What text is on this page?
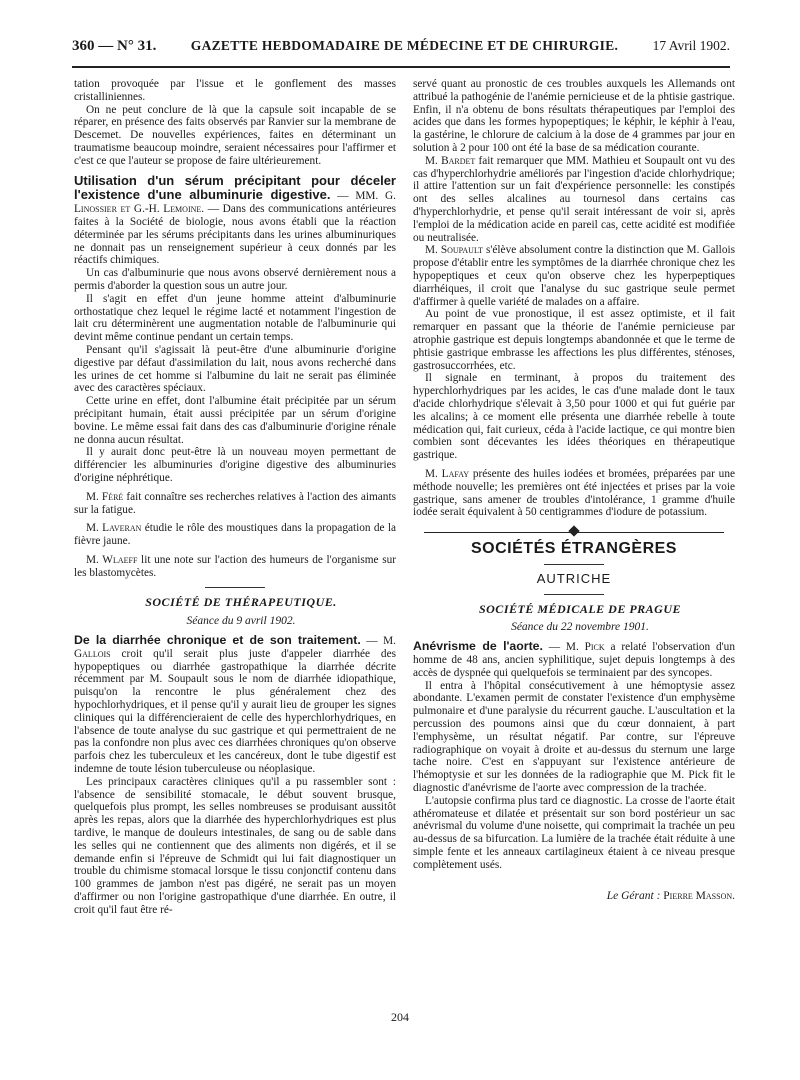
360 — N° 31.	GAZETTE HEBDOMADAIRE DE MÉDECINE ET DE CHIRURGIE.	17 Avril 1902.

tation provoquée par l'issue et le gonflement des masses cristalliniennes.

On ne peut conclure de là que la capsule soit incapable de se réparer, en présence des faits observés par Ranvier sur la membrane de Descemet. De nouvelles expériences, faites en déterminant un traumatisme beaucoup moindre, seraient nécessaires pour l'affirmer et c'est ce que l'auteur se propose de faire ultérieurement.

Utilisation d'un sérum précipitant pour déceler l'existence d'une albuminurie digestive. — MM. G. Linossier et G.-H. Lemoine. — Dans des communications antérieures faites à la Société de biologie, nous avons établi que la réaction déterminée par les sérums précipitants dans les urines albuminuriques ne donnait pas un renseignement supérieur à ceux donnés par les réactifs chimiques.

Un cas d'albuminurie que nous avons observé dernièrement nous a permis d'aborder la question sous un autre jour.

Il s'agit en effet d'un jeune homme atteint d'albuminurie orthostatique chez lequel le régime lacté et notamment l'ingestion de lait cru déterminèrent une augmentation notable de l'albuminurie qui devint même continue pendant un certain temps.

Pensant qu'il s'agissait là peut-être d'une albuminurie d'origine digestive par défaut d'assimilation du lait, nous avons recherché dans les urines de cet homme si l'albumine du lait ne serait pas éliminée avec des caractères spéciaux.

Cette urine en effet, dont l'albumine était précipitée par un sérum précipitant humain, était aussi précipitée par un sérum d'origine bovine. Le même essai fait dans des cas d'albuminurie d'origine rénale ne donna aucun résultat.

Il y aurait donc peut-être là un nouveau moyen permettant de différencier les albuminuries d'origine digestive des albuminuries d'origine néphrétique.

M. Féré fait connaître ses recherches relatives à l'action des aimants sur la fatigue.

M. Laveran étudie le rôle des moustiques dans la propagation de la fièvre jaune.

M. Wlaeff lit une note sur l'action des humeurs de l'organisme sur les blastomycètes.

SOCIÉTÉ DE THÉRAPEUTIQUE.

Séance du 9 avril 1902.

De la diarrhée chronique et de son traitement. — M. Gallois croit qu'il serait plus juste d'appeler diarrhée des hypopeptiques ou diarrhée gastropathique la diarrhée décrite récemment par M. Soupault sous le nom de diarrhée idiopathique, puisqu'on la rencontre le plus généralement chez des hypochlorhydriques, et il pense qu'il y aurait lieu de grouper les signes cliniques qui la différencieraient de celle des hyperchlorhydriques, en l'absence de toute analyse du suc gastrique et qui permettraient de ne pas la confondre non plus avec ces diarrhées chroniques qu'on observe parfois chez les tuberculeux et les cancéreux, dont le tube digestif est indemne de toute lésion tuberculeuse ou néoplasique.

Les principaux caractères cliniques qu'il a pu rassembler sont : l'absence de sensibilité stomacale, le début souvent brusque, quelquefois plus prompt, les selles nombreuses se produisant aussitôt après les repas, alors que la diarrhée des hyperchlorhydriques est plus tardive, le manque de douleurs intestinales, de sang ou de sable dans les selles qui ne contiennent que des aliments non digérés, et il se demande enfin si l'épreuve de Schmidt qui lui fait diagnostiquer un trouble du chimisme stomacal lorsque le tissu conjonctif contenu dans 100 grammes de jambon n'est pas digéré, ne serait pas un moyen d'affirmer ou non l'origine gastropathique d'une diarrhée. En outre, il croit qu'il faut être ré-

servé quant au pronostic de ces troubles auxquels les Allemands ont attribué la pathogénie de l'anémie pernicieuse et de la phtisie gastrique. Enfin, il n'a obtenu de bons résultats thérapeutiques par l'emploi des acides que dans les formes hypopeptiques; le képhir, le képhir à l'eau, la gastérine, le chlorure de calcium à la dose de 4 grammes par jour en solution à 2 pour 100 ont été la base de sa médication courante.

M. Bardet fait remarquer que MM. Mathieu et Soupault ont vu des cas d'hyperchlorhydrie améliorés par l'ingestion d'acide chlorhydrique; il attire l'attention sur un fait d'expérience personnelle: les constipés ont des selles alcalines au tournesol dans certains cas d'hyperchlorhydrie, et pense qu'il serait intéressant de voir si, après l'emploi de la médication acide en pareil cas, cette acidité est modifiée ou neutralisée.

M. Soupault s'élève absolument contre la distinction que M. Gallois propose d'établir entre les symptômes de la diarrhée chronique chez les hypopeptiques et ceux qu'on observe chez les hyperpeptiques diarrhéiques, il croit que l'analyse du suc gastrique seule permet d'affirmer à quelle variété de malades on a affaire.

Au point de vue pronostique, il est assez optimiste, et il fait remarquer en passant que la théorie de l'anémie pernicieuse par atrophie gastrique est depuis longtemps abandonnée et que le terme de phtisie gastrique embrasse les affections les plus différentes, sténoses, gastrosuccorrhées, etc.

Il signale en terminant, à propos du traitement des hyperchlorhydriques par les acides, le cas d'une malade dont le taux d'acide chlorhydrique s'élevait à 3,50 pour 1000 et qui fut guérie par les alcalins; à ce moment elle présenta une diarrhée rebelle à toute médication qui, fait curieux, céda à l'acide lactique, ce qui montre bien combien sont décevantes les idées théoriques en thérapeutique gastrique.

M. Lafay présente des huiles iodées et bromées, préparées par une méthode nouvelle; les premières ont été injectées et prises par la voie gastrique, sans amener de troubles d'intolérance, 1 gramme d'huile iodée serait équivalent à 50 centigrammes d'iodure de potassium.

SOCIÉTÉS ÉTRANGÈRES
AUTRICHE

SOCIÉTÉ MÉDICALE DE PRAGUE

Séance du 22 novembre 1901.

Anévrisme de l'aorte. — M. Pick a relaté l'observation d'un homme de 48 ans, ancien syphilitique, sujet depuis longtemps à des accès de dyspnée qui quelquefois se terminaient par des syncopes.

Il entra à l'hôpital consécutivement à une hémoptysie assez abondante. L'examen permit de constater l'existence d'un emphysème pulmonaire et d'une paralysie du récurrent gauche. L'auscultation et la percussion des poumons ainsi que du cœur donnaient, à part l'emphysème, un résultat négatif. Par contre, sur l'épreuve radiographique on voyait à droite et au-dessus du sternum une large tache noire. C'est en s'appuyant sur l'existence antérieure de l'hémoptysie et sur les données de la radiographie que M. Pick fit le diagnostic d'anévrisme de l'aorte avec compression de la trachée.

L'autopsie confirma plus tard ce diagnostic. La crosse de l'aorte était athéromateuse et dilatée et présentait sur son bord postérieur un sac anévrismal du volume d'une noisette, qui comprimait la trachée un peu au-dessus de sa bifurcation. La lumière de la trachée était réduite à une simple fente et les anneaux cartilagineux étaient à ce niveau presque complètement usés.

Le Gérant : Pierre Masson.
204
